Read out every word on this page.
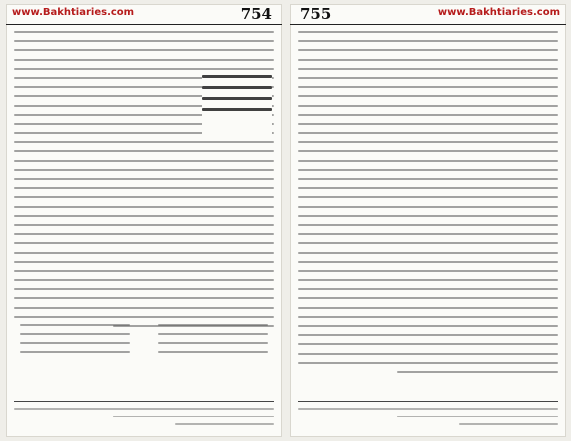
www.Bakhtiaries.com	754	www.Bakhtiaries.com
755
